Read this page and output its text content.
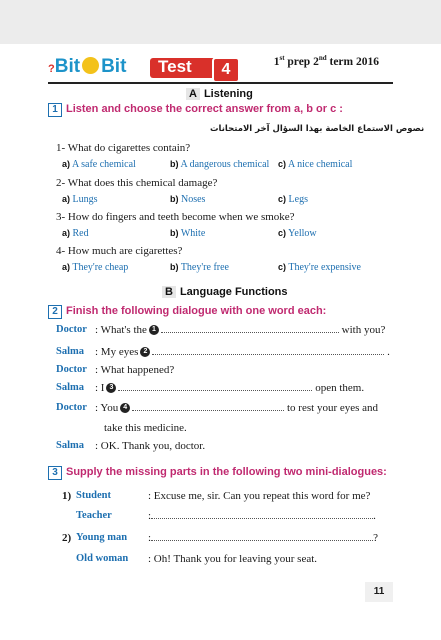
?Bit Bit Test	4	1st prep 2nd term 2016
A Listening
1 Listen and choose the correct answer from a, b or c :
نصوص الاستماع الخاصة بهذا السؤال آخر الامتحانات
1- What do cigarettes contain?
a) A safe chemical	b) A dangerous chemical c) A nice chemical
2- What does this chemical damage?
a) Lungs	b) Noses	c) Legs
3- How do fingers and teeth become when we smoke?
a) Red	b) White	c) Yellow
4- How much are cigarettes?
a) They're cheap	b) They're free	c) They're expensive
B Language Functions
2 Finish the following dialogue with one word each:
Doctor : What's the 1	with you?
Salma : My eyes 2	.
Doctor : What happened?
Salma : I 3	open them.
Doctor : You 4	to rest your eyes and
take this medicine.
Salma : OK. Thank you, doctor.
3 Supply the missing parts in the following two mini-dialogues:
1) Student	: Excuse me, sir. Can you repeat this word for me?
Teacher	:	.
2) Young man :	?
Old woman : Oh! Thank you for leaving your seat.
11
